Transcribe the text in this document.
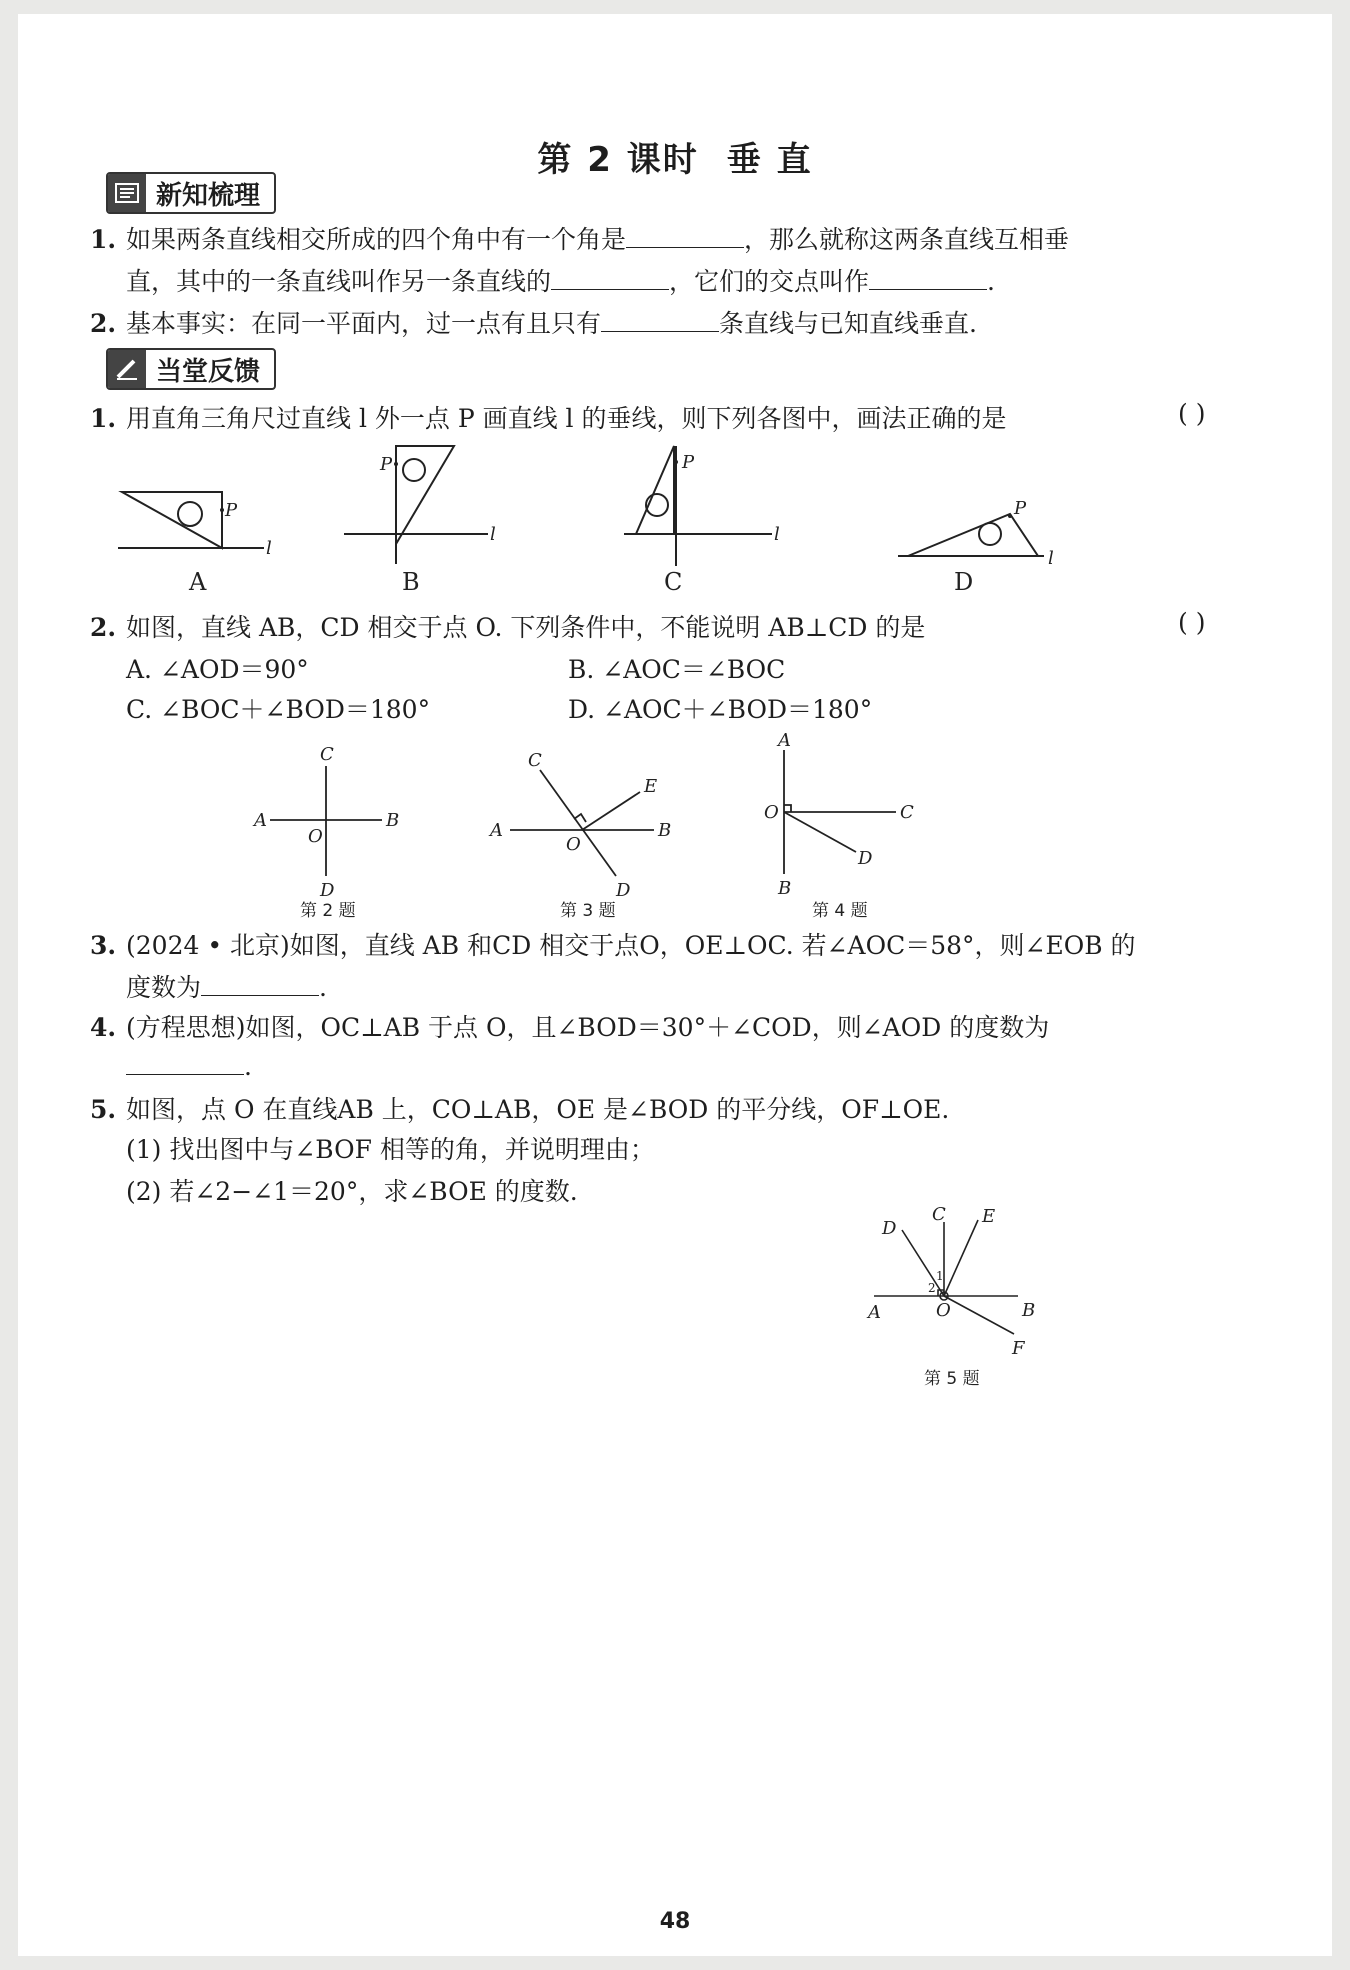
第 2 课时 垂 直
新知梳理
1. 如果两条直线相交所成的四个角中有一个角是	，那么就称这两条直线互相垂
直，其中的一条直线叫作另一条直线的	，它们的交点叫作	.
2. 基本事实：在同一平面内，过一点有且只有	条直线与已知直线垂直.
当堂反馈
1. 用直角三角尺过直线 l 外一点 P 画直线 l 的垂线，则下列各图中，画法正确的是	( )
P
l
A
P
l
B
P
l
C
P
l
D
2. 如图，直线 AB，CD 相交于点 O. 下列条件中，不能说明 AB⊥CD 的是	( )
A. ∠AOD＝90°	B. ∠AOC＝∠BOC
C. ∠BOC＋∠BOD＝180°	D. ∠AOC＋∠BOD＝180°
C
A	B
O
D
第 2 题
C
E
A	B
O
D
第 3 题
A
O	C
D
B
第 4 题
3. (2024 • 北京)如图，直线 AB 和CD 相交于点O，OE⊥OC. 若∠AOC＝58°，则∠EOB 的
度数为	.
4. (方程思想)如图，OC⊥AB 于点 O，且∠BOD＝30°＋∠COD，则∠AOD 的度数为
.
5. 如图，点 O 在直线AB 上，CO⊥AB，OE 是∠BOD 的平分线，OF⊥OE.
(1) 找出图中与∠BOF 相等的角，并说明理由；
(2) 若∠2−∠1＝20°，求∠BOE 的度数.
D
C E
1
2
A	O	B
F
第 5 题
48
